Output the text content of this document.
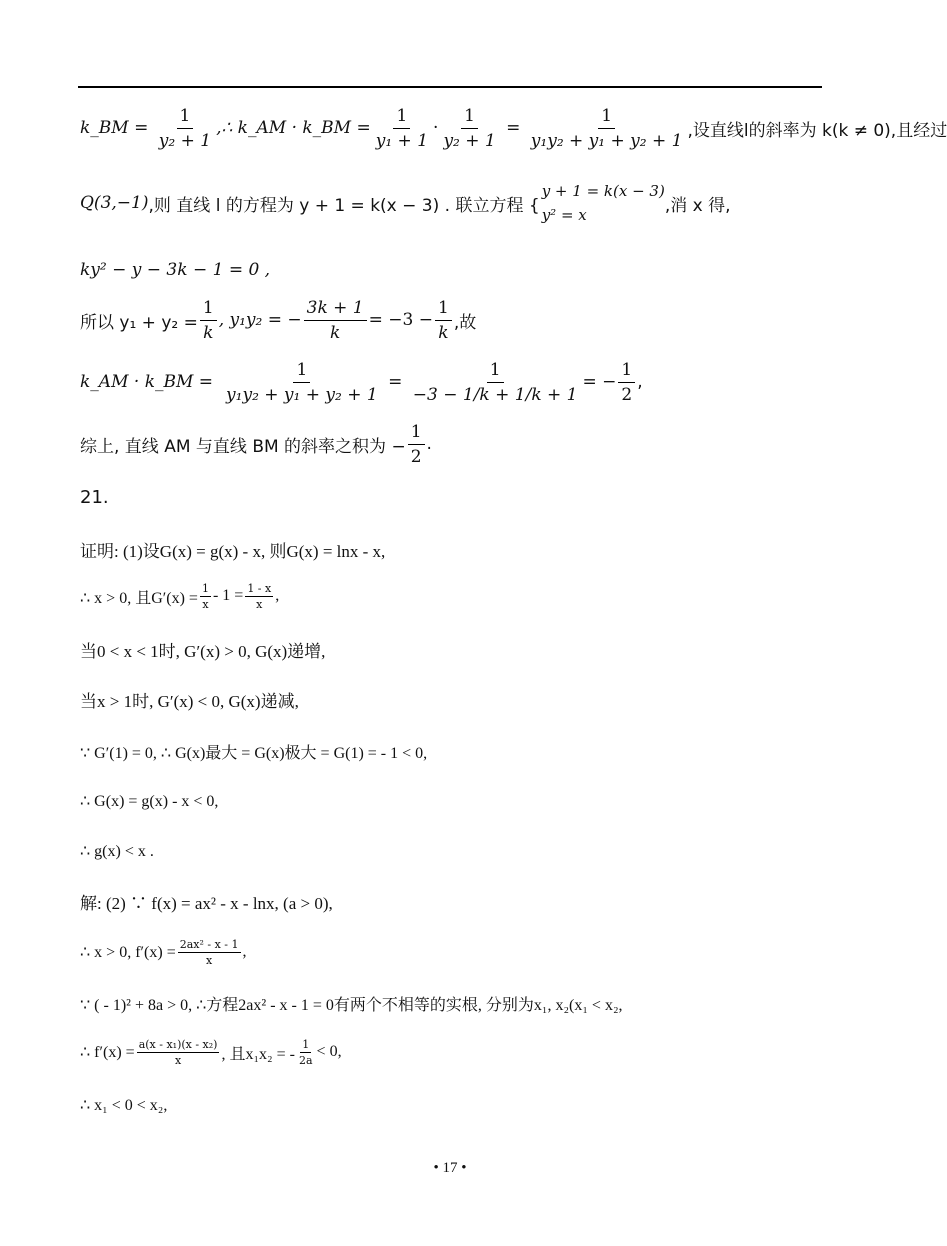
k_BM = $\frac{1}{\text{y₂ + 1}}$ ,∴ k_AM · k_BM = $\frac{1}{\text{y₁ + 1}} \cdot \frac{1}{\text{y₂ + 1}} = \frac{1}{\text{y₁y₂ + y₁ + y₂ + 1}}$ ,设直线l的斜率为 k(k ≠ 0),且经过
Q(3,−1) ,则 直线 l 的方程为 y + 1 = k(x − 3) . 联立方程 {
y + 1 = k(x − 3)
y² = x	,消 x 得,
ky² − y − 3k − 1 = 0 ,
所以 $y_1 + y_2 = \frac{1}{k}$ , y₁y₂ = − $\frac{3k + 1}{k} = -3 - \frac{1}{k}$ ,故
k_AM · k_BM = $\frac{1}{\text{y₁y₂ + y₁ + y₂ + 1}}$
=
$\frac{1}{-3 - 1/k + 1/k + 1}$ = − $\frac{1}{2}$ ,
综上, 直线 AM 与直线 BM 的斜率之积为 − $\frac{1}{2}$ .
21.
证明: (1)设G(x) = g(x) - x, 则G(x) = lnx - x,
∴ x > 0, 且$G'(x) = \frac{1}{x} - 1 = \frac{1 - x}{x}$ ,
当0 < x < 1时, G′(x) > 0, G(x)递增,
当x > 1时, G′(x) < 0, G(x)递减,
∵ G′(1) = 0, ∴ G(x)最大 = G(x)极大 = G(1) = - 1 < 0,
∴ G(x) = g(x) - x < 0,
∴ g(x) < x .
解: (2) ∵ f(x) = ax² - x - lnx, (a > 0),
∴ x > 0, $f'(x) = \frac{\text{2ax² - x - 1}}{x}$ ,
∵ ( - 1)² + 8a > 0, ∴方程2ax² - x - 1 = 0有两个不相等的实根, 分别为x₁, x₂(x₁ < x₂,
∴ $f'(x) = \frac{\text{a(x - x₁)(x - x₂)}}{x}$ , 且x₁x₂ = - $\frac{1}{2a} < 0$,
∴ x₁ < 0 < x₂,
• 17 •
